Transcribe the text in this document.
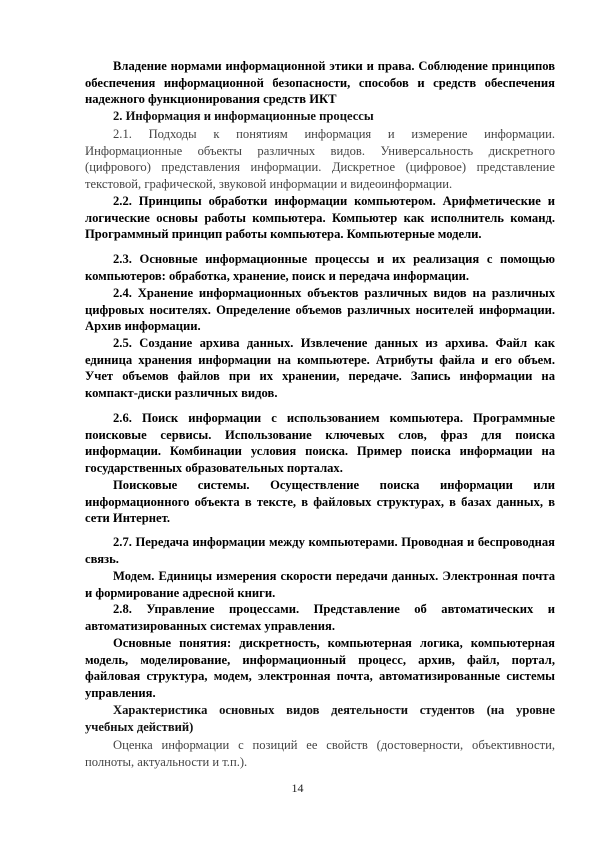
Владение нормами информационной этики и права. Соблюдение принципов обеспечения информационной безопасности, способов и средств обеспечения надежного функционирования средств ИКТ

2. Информация и информационные процессы

2.1. Подходы к понятиям информация и измерение информации. Информационные объекты различных видов. Универсальность дискретного (цифрового) представления информации. Дискретное (цифровое) представление текстовой, графической, звуковой информации и видеоинформации.

2.2. Принципы обработки информации компьютером. Арифметические и логические основы работы компьютера. Компьютер как исполнитель команд. Программный принцип работы компьютера. Компьютерные модели.

2.3. Основные информационные процессы и их реализация с помощью компьютеров: обработка, хранение, поиск и передача информации.

2.4. Хранение информационных объектов различных видов на различных цифровых носителях. Определение объемов различных носителей информации. Архив информации.

2.5. Создание архива данных. Извлечение данных из архива. Файл как единица хранения информации на компьютере. Атрибуты файла и его объем. Учет объемов файлов при их хранении, передаче. Запись информации на компакт-диски различных видов.

2.6. Поиск информации с использованием компьютера. Программные поисковые сервисы. Использование ключевых слов, фраз для поиска информации. Комбинации условия поиска. Пример поиска информации на государственных образовательных порталах.

Поисковые системы. Осуществление поиска информации или информационного объекта в тексте, в файловых структурах, в базах данных, в сети Интернет.

2.7. Передача информации между компьютерами. Проводная и беспроводная связь.

Модем. Единицы измерения скорости передачи данных. Электронная почта и формирование адресной книги.

2.8. Управление процессами. Представление об автоматических и автоматизированных системах управления.

Основные понятия: дискретность, компьютерная логика, компьютерная модель, моделирование, информационный процесс, архив, файл, портал, файловая структура, модем, электронная почта, автоматизированные системы управления.

Характеристика основных видов деятельности студентов (на уровне учебных действий)

Оценка информации с позиций ее свойств (достоверности, объективности, полноты, актуальности и т.п.).

14
